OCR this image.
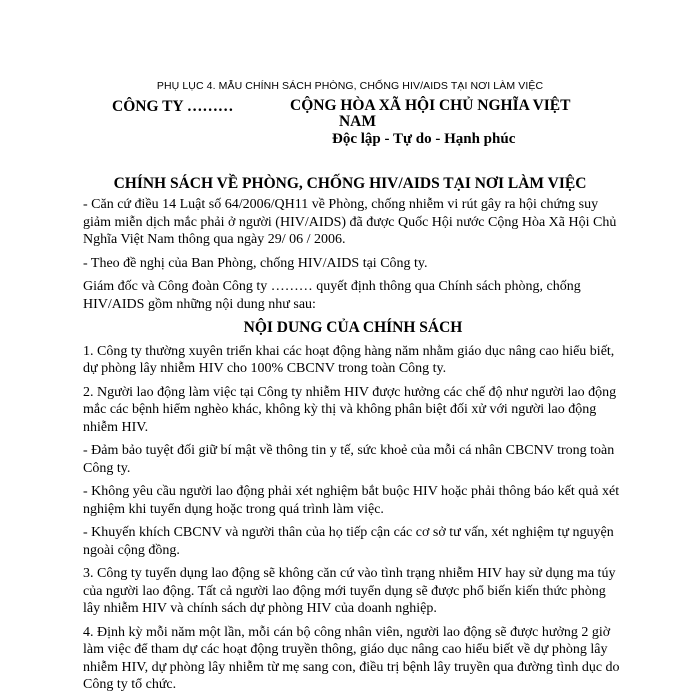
PHỤ LỤC 4. MẪU CHÍNH SÁCH PHÒNG, CHỐNG HIV/AIDS TẠI NƠI LÀM VIỆC
CÔNG TY ………	CỘNG HÒA XÃ HỘI CHỦ NGHĨA VIỆT
NAM
Độc lập - Tự do - Hạnh phúc
CHÍNH SÁCH VỀ PHÒNG, CHỐNG HIV/AIDS TẠI NƠI LÀM VIỆC

- Căn cứ điều 14 Luật số 64/2006/QH11 về Phòng, chống nhiễm vi rút gây ra hội chứng suy giảm miễn dịch mắc phải ở người (HIV/AIDS) đã được Quốc Hội nước Cộng Hòa Xã Hội Chủ Nghĩa Việt Nam thông qua ngày 29/ 06 / 2006.

- Theo đề nghị của Ban Phòng, chống HIV/AIDS tại Công ty.

Giám đốc và Công đoàn Công ty ……… quyết định thông qua Chính sách phòng, chống HIV/AIDS gồm những nội dung như sau:

NỘI DUNG CỦA CHÍNH SÁCH

1. Công ty thường xuyên triển khai các hoạt động hàng năm nhằm giáo dục nâng cao hiểu biết, dự phòng lây nhiễm HIV cho 100% CBCNV trong toàn Công ty.

2. Người lao động làm việc tại Công ty nhiễm HIV được hưởng các chế độ như người lao động mắc các bệnh hiểm nghèo khác, không kỳ thị và không phân biệt đối xử với người lao động nhiễm HIV.

- Đảm bảo tuyệt đối giữ bí mật về thông tin y tế, sức khoẻ của mỗi cá nhân CBCNV trong toàn Công ty.

- Không yêu cầu người lao động phải xét nghiệm bắt buộc HIV hoặc phải thông báo kết quả xét nghiệm khi tuyển dụng hoặc trong quá trình làm việc.

- Khuyến khích CBCNV và người thân của họ tiếp cận các cơ sở tư vấn, xét nghiệm tự nguyện ngoài cộng đồng.

3. Công ty tuyển dụng lao động sẽ không căn cứ vào tình trạng nhiễm HIV hay sử dụng ma túy của người lao động. Tất cả người lao động mới tuyển dụng sẽ được phổ biến kiến thức phòng lây nhiễm HIV và chính sách dự phòng HIV của doanh nghiệp.

4. Định kỳ mỗi năm một lần, mỗi cán bộ công nhân viên, người lao động sẽ được hưởng 2 giờ làm việc để tham dự các hoạt động truyền thông, giáo dục nâng cao hiểu biết về dự phòng lây nhiễm HIV, dự phòng lây nhiễm từ mẹ sang con, điều trị bệnh lây truyền qua đường tình dục do Công ty tổ chức.
